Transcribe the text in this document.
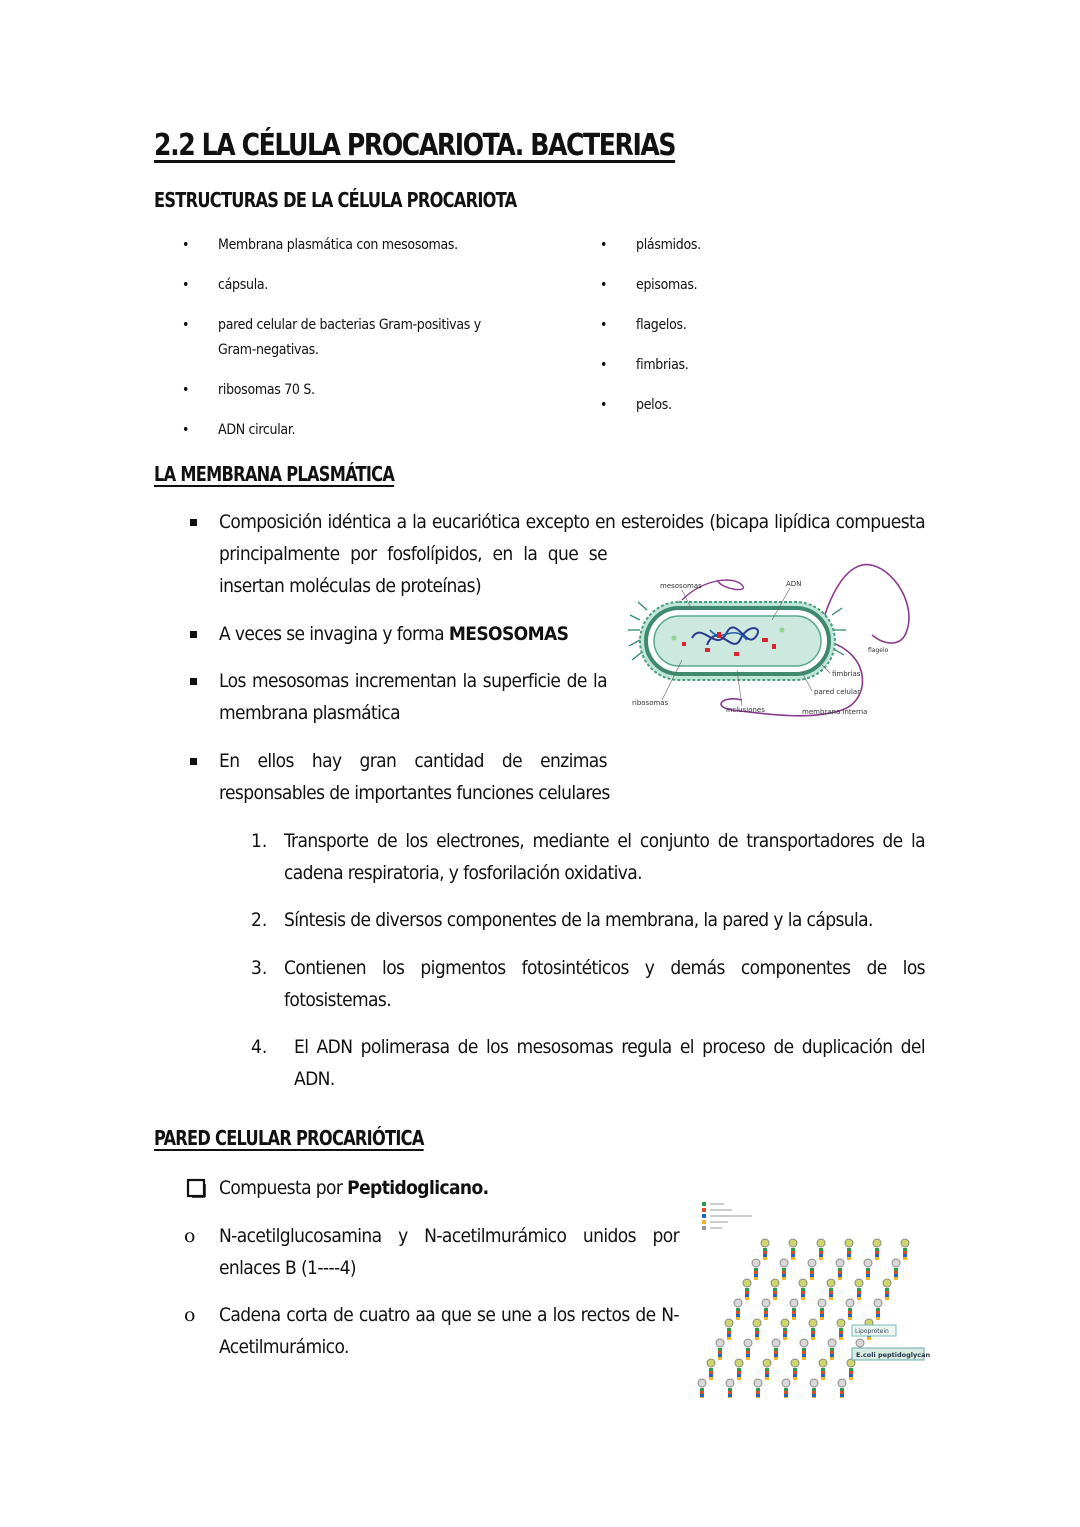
2.2 LA CÉLULA PROCARIOTA. BACTERIAS
ESTRUCTURAS DE LA CÉLULA PROCARIOTA
• Membrana plasmática con mesosomas.
• cápsula.
• pared celular de bacterias Gram-positivas y
Gram-negativas.
• ribosomas 70 S.
• ADN circular.
• plásmidos.
• episomas.
• flagelos.
• fimbrias.
• pelos.
LA MEMBRANA PLASMÁTICA
Composición idéntica a la eucariótica excepto en esteroides (bicapa lipídica compuesta
principalmente por fosfolípidos, en la que se
insertan moléculas de proteínas)
A veces se invagina y forma MESOSOMAS
Los mesosomas incrementan la superficie de la
membrana plasmática
En ellos hay gran cantidad de enzimas
responsables de importantes funciones celulares
mesosomas	ADN
flagelo
fimbrias
pared celular
ribosomas
inclusiones	membrana interna
1. Transporte de los electrones, mediante el conjunto de transportadores de la
cadena respiratoria, y fosforilación oxidativa.
2. Síntesis de diversos componentes de la membrana, la pared y la cápsula.
3. Contienen los pigmentos fotosintéticos y demás componentes de los
fotosistemas.
4. El ADN polimerasa de los mesosomas regula el proceso de duplicación del ADN.
PARED CELULAR PROCARIÓTICA
Compuesta por Peptidoglicano.
o N-acetilglucosamina y N-acetilmurámico unidos por
enlaces B (1----4)
o Cadena corta de cuatro aa que se une a los rectos de N-
Acetilmurámico.
Lipoprotein
E.coli peptidoglycan
